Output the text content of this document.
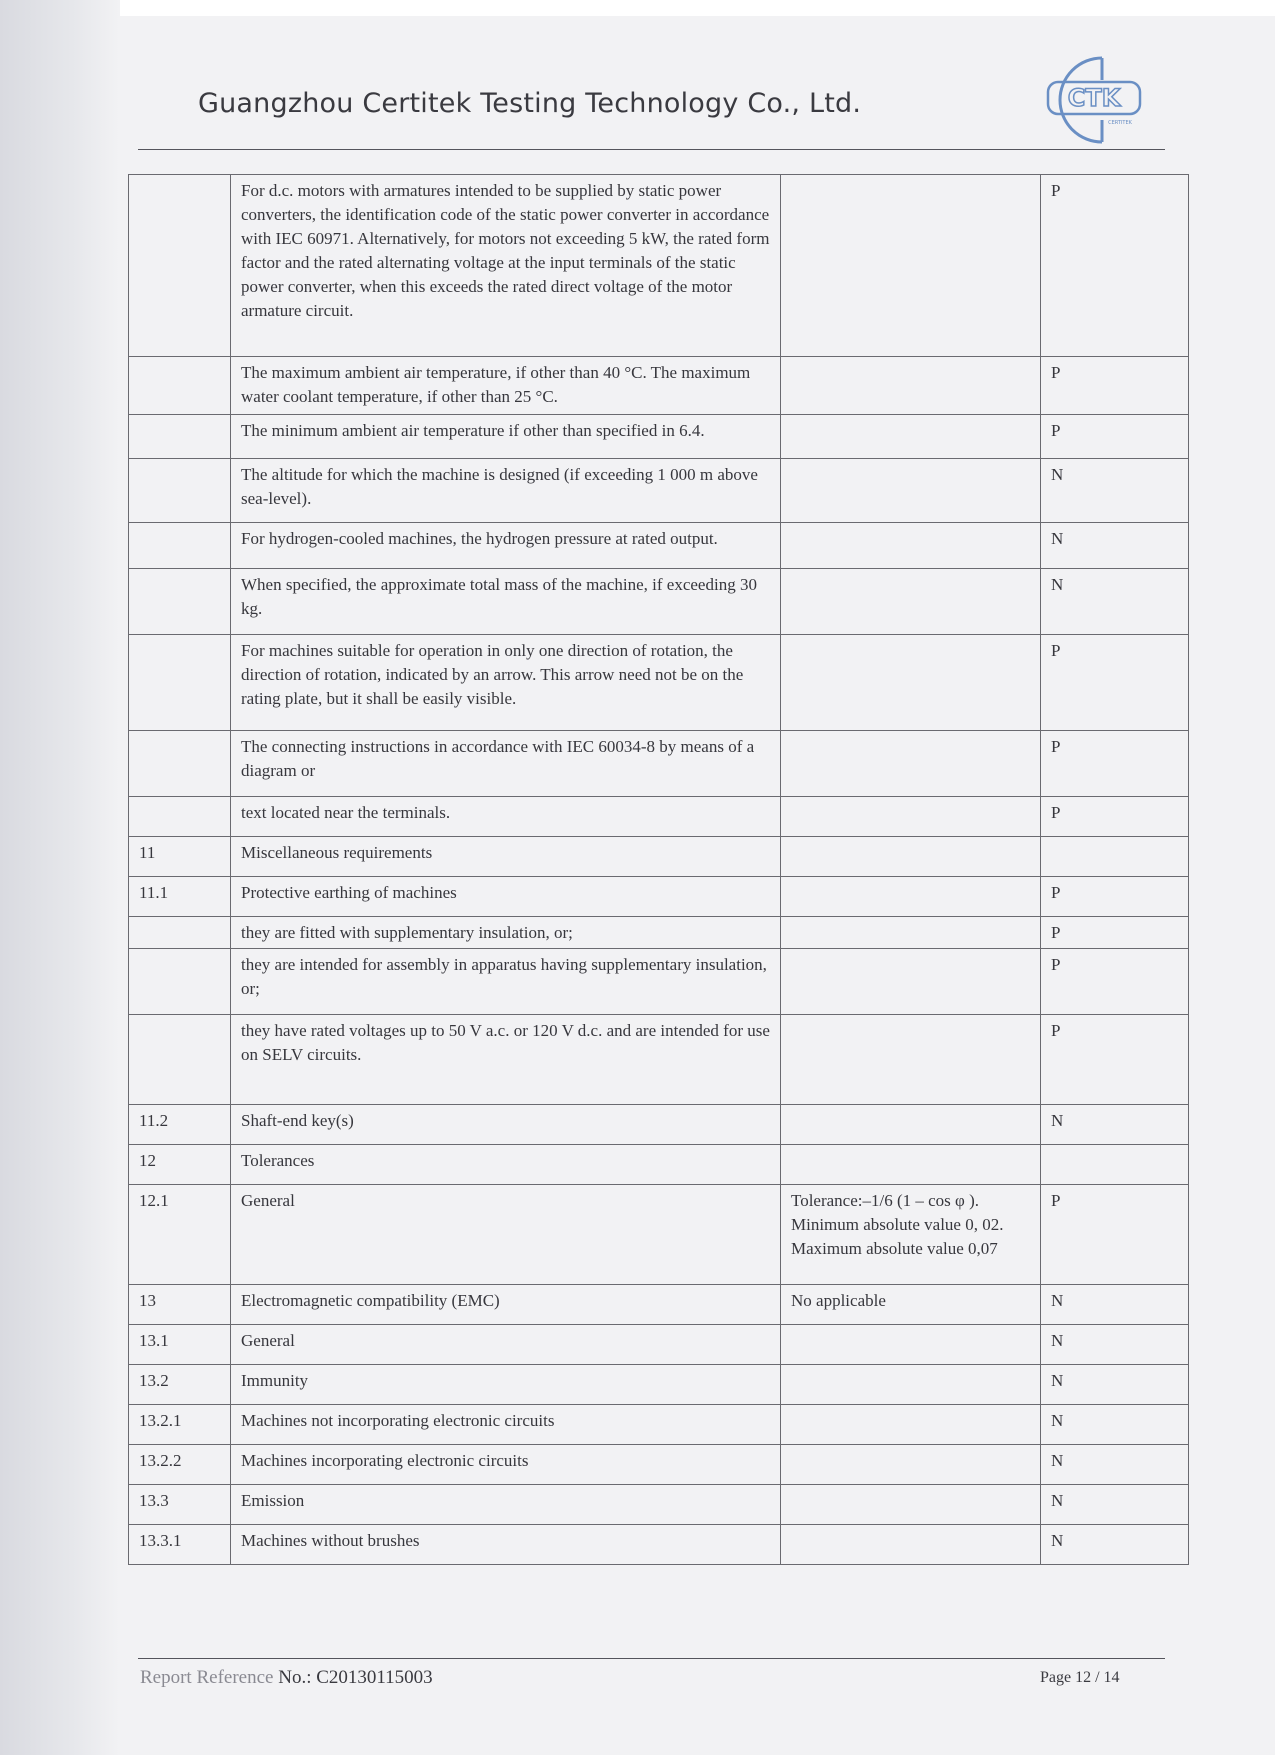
Guangzhou Certitek Testing Technology Co., Ltd.	CTK
CERTITEK
	For d.c. motors with armatures intended to be supplied by static power converters, the identification code of the static power converter in accordance with IEC 60971. Alternatively, for motors not exceeding 5 kW, the rated form factor and the rated alternating voltage at the input terminals of the static power converter, when this exceeds the rated direct voltage of the motor armature circuit.		P
	The maximum ambient air temperature, if other than 40 °C. The maximum water coolant temperature, if other than 25 °C.		P
	The minimum ambient air temperature if other than specified in 6.4.		P
	The altitude for which the machine is designed (if exceeding 1 000 m above sea-level).		N
	For hydrogen-cooled machines, the hydrogen pressure at rated output.		N
	When specified, the approximate total mass of the machine, if exceeding 30 kg.		N
	For machines suitable for operation in only one direction of rotation, the direction of rotation, indicated by an arrow. This arrow need not be on the rating plate, but it shall be easily visible.		P
	The connecting instructions in accordance with IEC 60034-8 by means of a diagram or		P
	text located near the terminals.		P
11	Miscellaneous requirements		
11.1	Protective earthing of machines		P
	they are fitted with supplementary insulation, or;		P
	they are intended for assembly in apparatus having supplementary insulation, or;		P
	they have rated voltages up to 50 V a.c. or 120 V d.c. and are intended for use on SELV circuits.		P
11.2	Shaft-end key(s)		N
12	Tolerances		
12.1	General	Tolerance:–1/6 (1 – cos φ ). Minimum absolute value 0, 02. Maximum absolute value 0,07	P
13	Electromagnetic compatibility (EMC)	No applicable	N
13.1	General		N
13.2	Immunity		N
13.2.1	Machines not incorporating electronic circuits		N
13.2.2	Machines incorporating electronic circuits		N
13.3	Emission		N
13.3.1	Machines without brushes		N
Report Reference No.: C20130115003	Page 12 / 14
